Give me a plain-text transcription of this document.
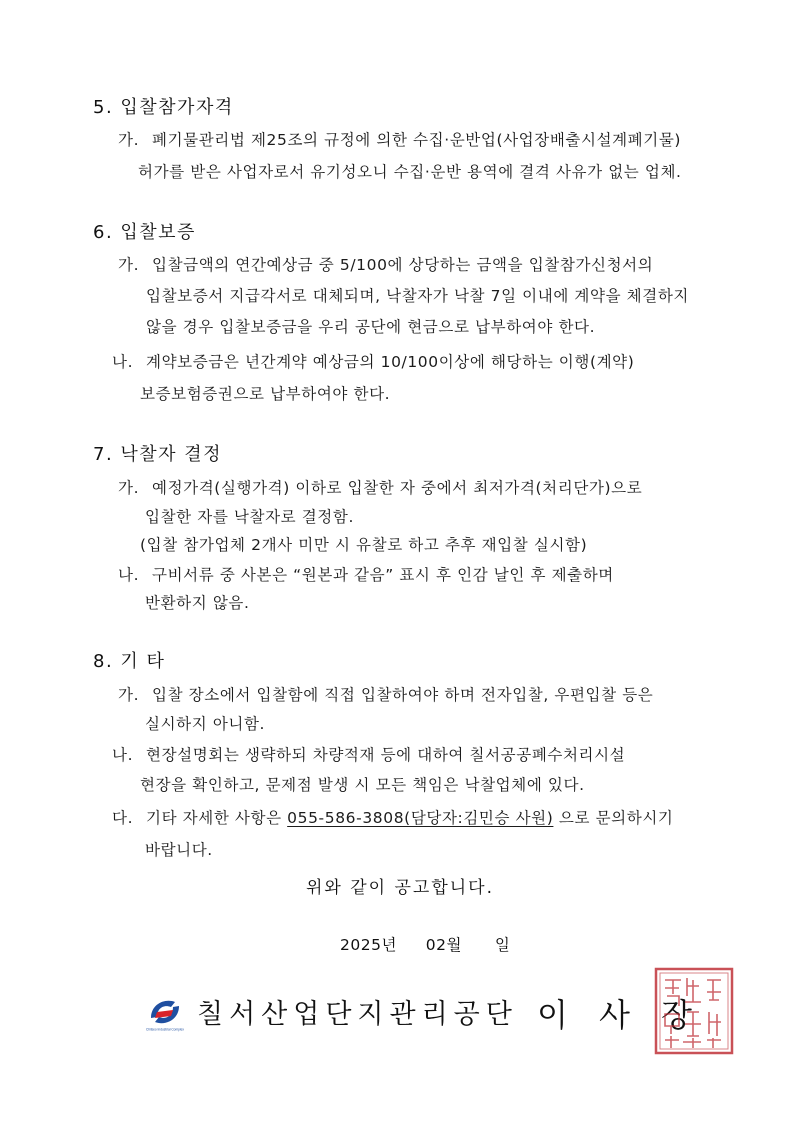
5. 입찰참가자격
가. 폐기물관리법 제25조의 규정에 의한 수집·운반업(사업장배출시설계폐기물)
허가를 받은 사업자로서 유기성오니 수집·운반 용역에 결격 사유가 없는 업체.
6. 입찰보증
가. 입찰금액의 연간예상금 중 5/100에 상당하는 금액을 입찰참가신청서의
입찰보증서 지급각서로 대체되며, 낙찰자가 낙찰 7일 이내에 계약을 체결하지
않을 경우 입찰보증금을 우리 공단에 현금으로 납부하여야 한다.
나. 계약보증금은 년간계약 예상금의 10/100이상에 해당하는 이행(계약)
보증보험증권으로 납부하여야 한다.
7. 낙찰자 결정
가. 예정가격(실행가격) 이하로 입찰한 자 중에서 최저가격(처리단가)으로
입찰한 자를 낙찰자로 결정함.
(입찰 참가업체 2개사 미만 시 유찰로 하고 추후 재입찰 실시함)
나. 구비서류 중 사본은 “원본과 같음” 표시 후 인감 날인 후 제출하며
반환하지 않음.
8. 기 타
가. 입찰 장소에서 입찰함에 직접 입찰하여야 하며 전자입찰, 우편입찰 등은
실시하지 아니함.
나. 현장설명회는 생략하되 차량적재 등에 대하여 칠서공공폐수처리시설
현장을 확인하고, 문제점 발생 시 모든 책임은 낙찰업체에 있다.
다. 기타 자세한 사항은 055-586-3808(담당자:김민승 사원) 으로 문의하시기
바랍니다.
위와 같이 공고합니다.
2025년 02월 일
Chilseo Industrial Complex 칠서산업단지관리공단 이 사 장
